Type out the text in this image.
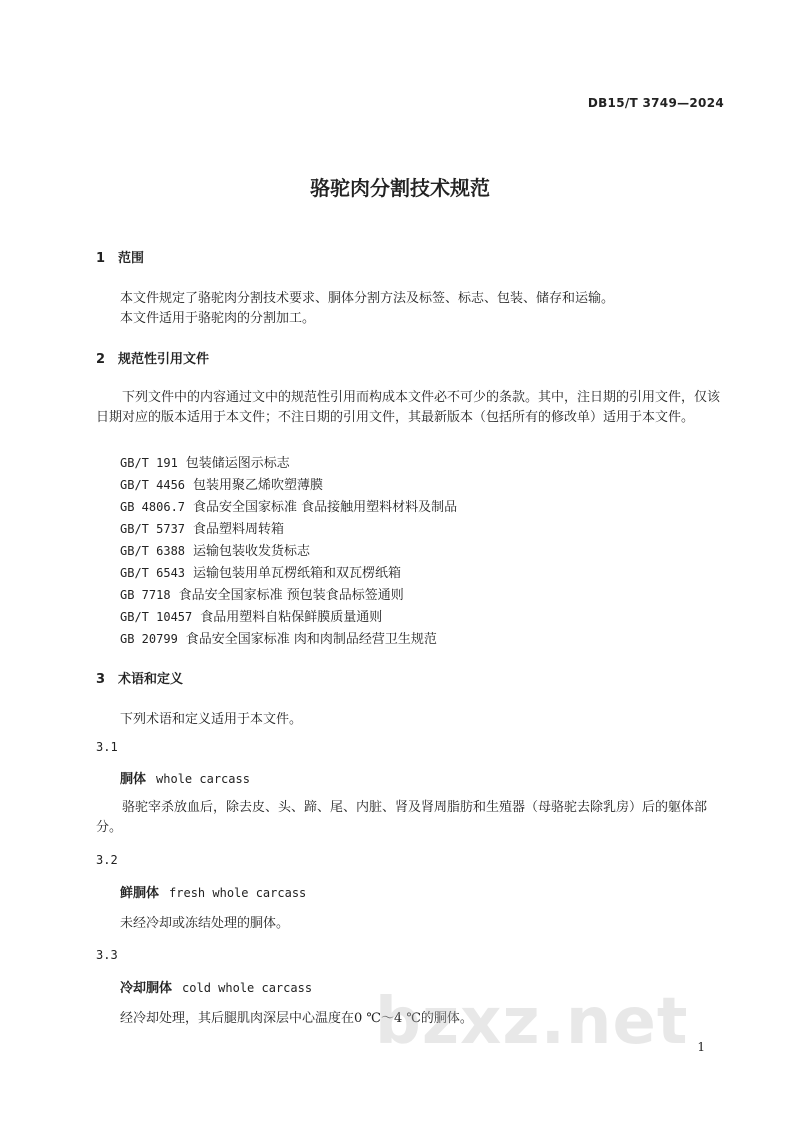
DB15/T 3749—2024
骆驼肉分割技术规范
1 范围
本文件规定了骆驼肉分割技术要求、胴体分割方法及标签、标志、包装、储存和运输。
本文件适用于骆驼肉的分割加工。
2 规范性引用文件
　　下列文件中的内容通过文中的规范性引用而构成本文件必不可少的条款。其中，注日期的引用文件，仅该日期对应的版本适用于本文件；不注日期的引用文件，其最新版本（包括所有的修改单）适用于本文件。
GB/T 191 包装储运图示标志
GB/T 4456 包装用聚乙烯吹塑薄膜
GB 4806.7 食品安全国家标准 食品接触用塑料材料及制品
GB/T 5737 食品塑料周转箱
GB/T 6388 运输包装收发货标志
GB/T 6543 运输包装用单瓦楞纸箱和双瓦楞纸箱
GB 7718 食品安全国家标准 预包装食品标签通则
GB/T 10457 食品用塑料自粘保鲜膜质量通则
GB 20799 食品安全国家标准 肉和肉制品经营卫生规范
3 术语和定义
下列术语和定义适用于本文件。
3.1
胴体 whole carcass
　　骆驼宰杀放血后，除去皮、头、蹄、尾、内脏、肾及肾周脂肪和生殖器（母骆驼去除乳房）后的躯体部分。
3.2
鲜胴体 fresh whole carcass
未经冷却或冻结处理的胴体。
3.3
冷却胴体 cold whole carcass
经冷却处理，其后腿肌肉深层中心温度在0 ℃～4 ℃的胴体。
bzxz.net 1
